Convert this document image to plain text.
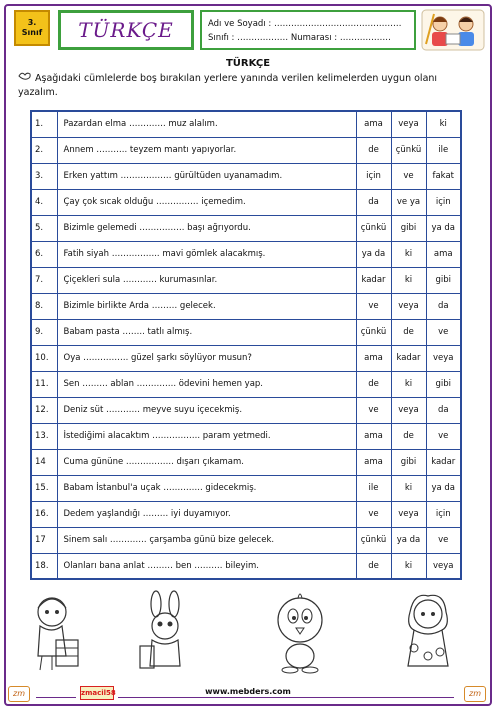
3.
Sınıf TÜRKÇE	Adı ve Soyadı : ………………………………………
Sınıfı : ……………… Numarası : ………………
TÜRKÇE
Aşağıdaki cümlelerde boş bırakılan yerlere yanında verilen kelimelerden uygun olanı
yazalım.
1.	Pazardan elma …………. muz alalım.	ama	veya	ki
2.	Annem ……….. teyzem mantı yapıyorlar.	de	çünkü	ile
3.	Erken yattım ……………… gürültüden uyanamadım.	için	ve	fakat
4.	Çay çok sıcak olduğu …………… içemedim.	da	ve ya	için
5.	Bizimle gelemedi ……………. başı ağrıyordu.	çünkü	gibi	ya da
6.	Fatih siyah …………….. mavi gömlek alacakmış.	ya da	ki	ama
7.	Çiçekleri sula ………… kurumasınlar.	kadar	ki	gibi
8.	Bizimle birlikte Arda ……… gelecek.	ve	veya	da
9.	Babam pasta …….. tatlı almış.	çünkü	de	ve
10.	Oya ……………. güzel şarkı söylüyor musun?	ama	kadar	veya
11.	Sen ……… ablan ………….. ödevini hemen yap.	de	ki	gibi
12.	Deniz süt ………… meyve suyu içecekmiş.	ve	veya	da
13.	İstediğimi alacaktım …………….. param yetmedi.	ama	de	ve
14	Cuma gününe …………….. dışarı çıkamam.	ama	gibi	kadar
15.	Babam İstanbul'a uçak ………….. gidecekmiş.	ile	ki	ya da
16.	Dedem yaşlandığı ……… iyi duyamıyor.	ve	veya	için
17	Sinem salı …………. çarşamba günü bize gelecek.	çünkü	ya da	ve
18.	Olanları bana anlat ……… ben ………. bileyim.	de	ki	veya
zm	zmacil58	www.mebders.com	zm
